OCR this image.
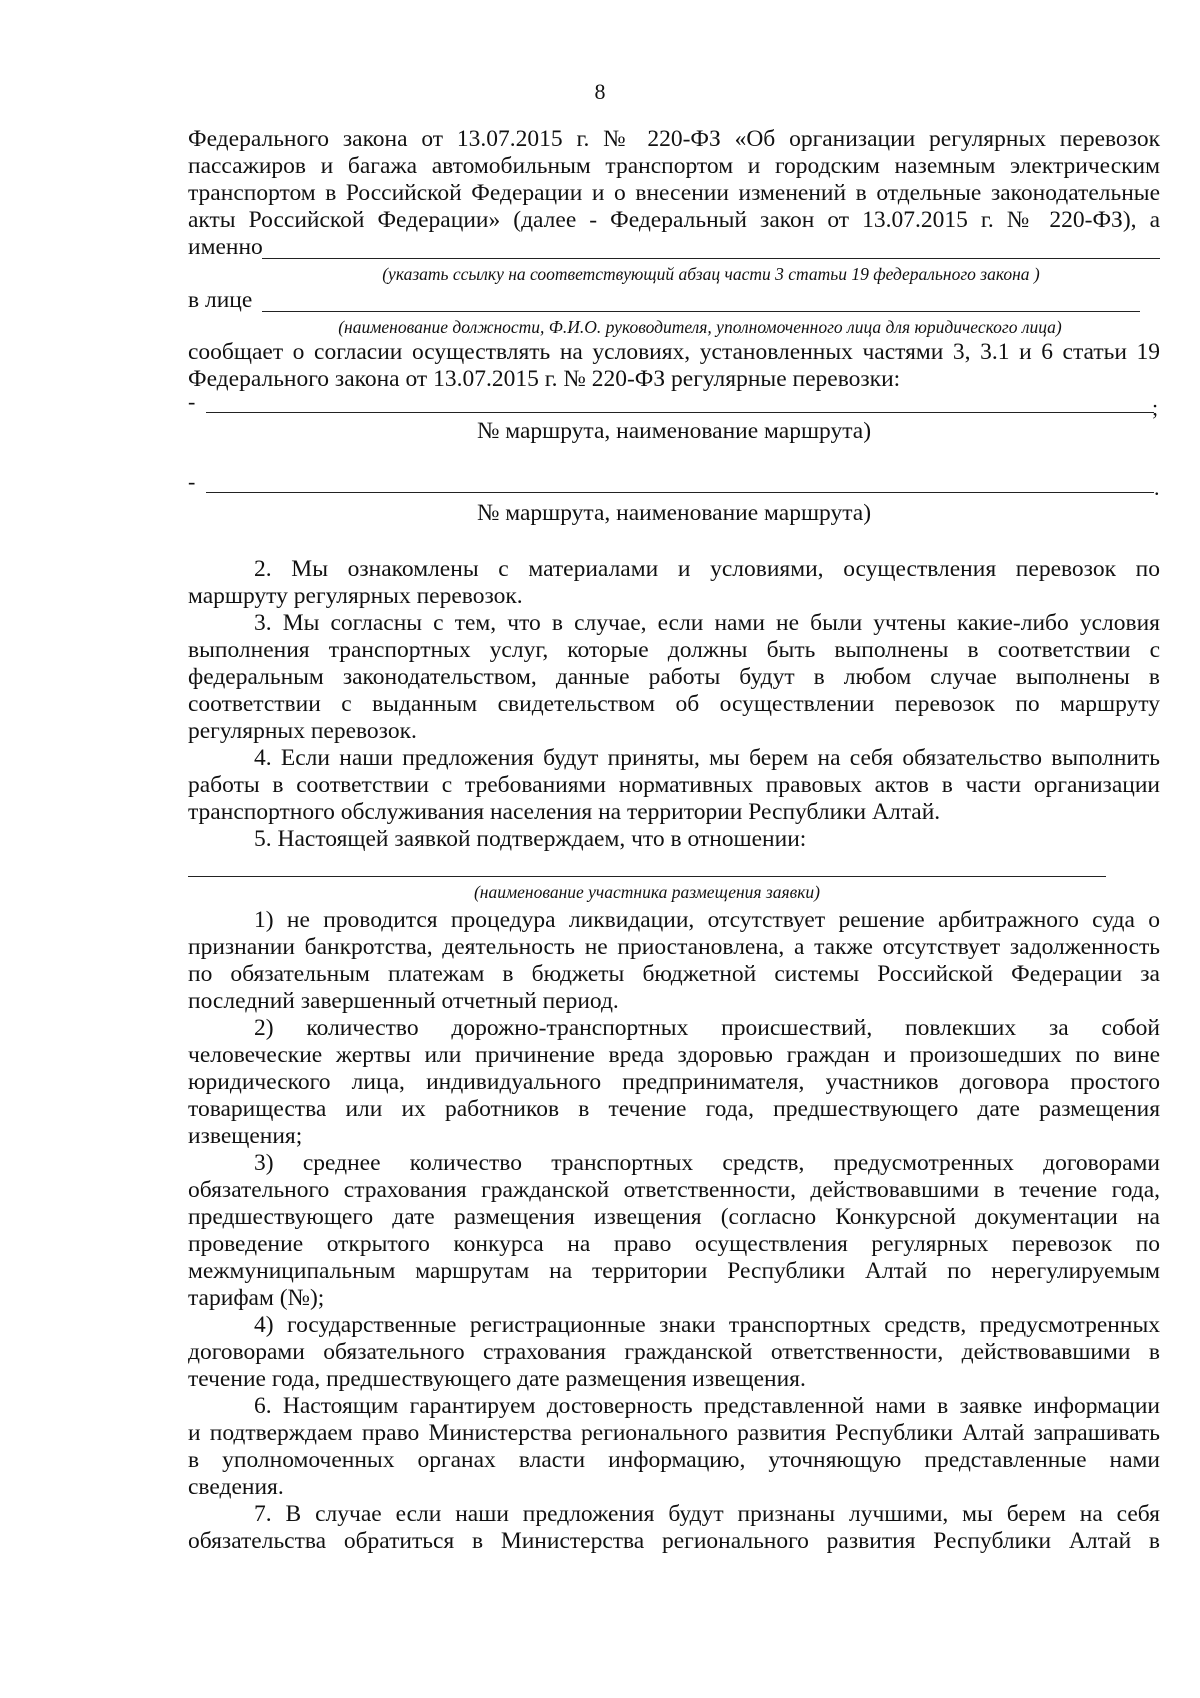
8
Федерального закона от 13.07.2015 г. № 220-ФЗ «Об организации регулярных перевозок
пассажиров и багажа автомобильным транспортом и городским наземным электрическим
транспортом в Российской Федерации и о внесении изменений в отдельные законодательные
акты Российской Федерации» (далее - Федеральный закон от 13.07.2015 г. № 220-ФЗ), а
именно
(указать ссылку на соответствующий абзац части 3 статьи 19 федерального закона )
в лице
(наименование должности, Ф.И.О. руководителя, уполномоченного лица для юридического лица)
сообщает о согласии осуществлять на условиях, установленных частями 3, 3.1 и 6 статьи 19
Федерального закона от 13.07.2015 г. № 220-ФЗ регулярные перевозки:
-	;
№ маршрута, наименование маршрута)
-	.
№ маршрута, наименование маршрута)
2. Мы ознакомлены с материалами и условиями, осуществления перевозок по
маршруту регулярных перевозок.
3. Мы согласны с тем, что в случае, если нами не были учтены какие-либо условия
выполнения транспортных услуг, которые должны быть выполнены в соответствии с
федеральным законодательством, данные работы будут в любом случае выполнены в
соответствии с выданным свидетельством об осуществлении перевозок по маршруту
регулярных перевозок.
4. Если наши предложения будут приняты, мы берем на себя обязательство выполнить
работы в соответствии с требованиями нормативных правовых актов в части организации
транспортного обслуживания населения на территории Республики Алтай.
5. Настоящей заявкой подтверждаем, что в отношении:
(наименование участника размещения заявки)
1) не проводится процедура ликвидации, отсутствует решение арбитражного суда о
признании банкротства, деятельность не приостановлена, а также отсутствует задолженность
по обязательным платежам в бюджеты бюджетной системы Российской Федерации за
последний завершенный отчетный период.
2) количество дорожно-транспортных происшествий, повлекших за собой
человеческие жертвы или причинение вреда здоровью граждан и произошедших по вине
юридического лица, индивидуального предпринимателя, участников договора простого
товарищества или их работников в течение года, предшествующего дате размещения
извещения;
3) среднее количество транспортных средств, предусмотренных договорами
обязательного страхования гражданской ответственности, действовавшими в течение года,
предшествующего дате размещения извещения (согласно Конкурсной документации на
проведение открытого конкурса на право осуществления регулярных перевозок по
межмуниципальным маршрутам на территории Республики Алтай по нерегулируемым
тарифам (№);
4) государственные регистрационные знаки транспортных средств, предусмотренных
договорами обязательного страхования гражданской ответственности, действовавшими в
течение года, предшествующего дате размещения извещения.
6. Настоящим гарантируем достоверность представленной нами в заявке информации
и подтверждаем право Министерства регионального развития Республики Алтай запрашивать
в уполномоченных органах власти информацию, уточняющую представленные нами
сведения.
7. В случае если наши предложения будут признаны лучшими, мы берем на себя
обязательства обратиться в Министерства регионального развития Республики Алтай в
